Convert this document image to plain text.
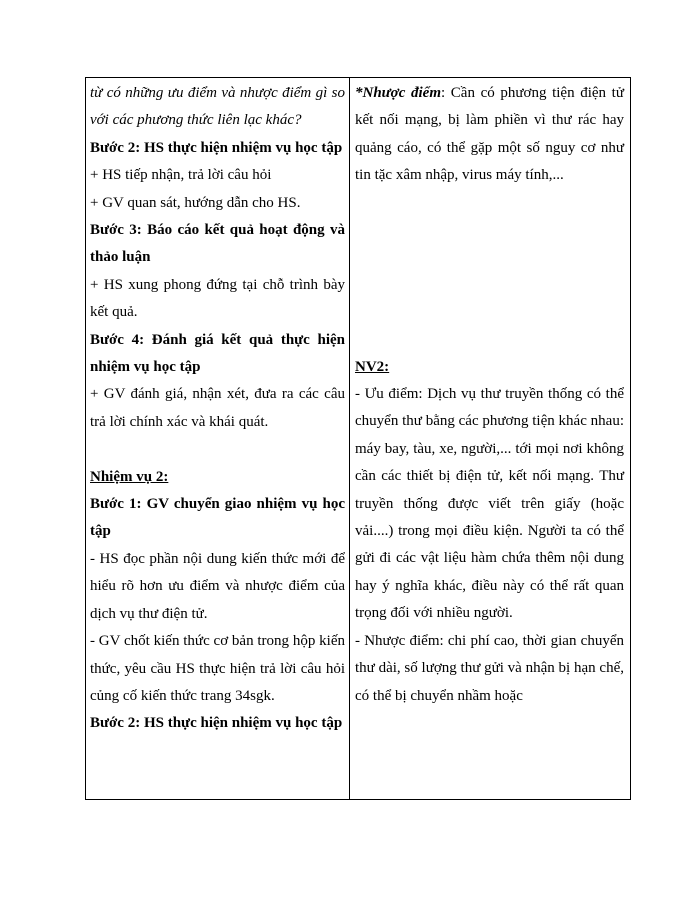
từ có những ưu điểm và nhược điểm gì so với các phương thức liên lạc khác?
Bước 2: HS thực hiện nhiệm vụ học tập
+ HS tiếp nhận, trả lời câu hỏi
+ GV quan sát, hướng dẫn cho HS.
Bước 3: Báo cáo kết quả hoạt động và thảo luận
+ HS xung phong đứng tại chỗ trình bày kết quả.
Bước 4: Đánh giá kết quả thực hiện nhiệm vụ học tập
+ GV đánh giá, nhận xét, đưa ra các câu trả lời chính xác và khái quát.
Nhiệm vụ 2:
Bước 1: GV chuyển giao nhiệm vụ học tập
- HS đọc phần nội dung kiến thức mới để hiểu rõ hơn ưu điểm và nhược điểm của dịch vụ thư điện tử.
- GV chốt kiến thức cơ bản trong hộp kiến thức, yêu cầu HS thực hiện trả lời câu hỏi củng cố kiến thức trang 34sgk.
Bước 2: HS thực hiện nhiệm vụ học tập
*Nhược điểm: Cần có phương tiện điện tử kết nối mạng, bị làm phiền vì thư rác hay quảng cáo, có thể gặp một số nguy cơ như tin tặc xâm nhập, virus máy tính,...
NV2:
- Ưu điểm: Dịch vụ thư truyền thống có thể chuyển thư bằng các phương tiện khác nhau: máy bay, tàu, xe, người,... tới mọi nơi không cần các thiết bị điện tử, kết nối mạng. Thư truyền thống được viết trên giấy (hoặc vải....) trong mọi điều kiện. Người ta có thể gửi đi các vật liệu hàm chứa thêm nội dung hay ý nghĩa khác, điều này có thể rất quan trọng đối với nhiều người.
- Nhược điểm: chi phí cao, thời gian chuyển thư dài, số lượng thư gửi và nhận bị hạn chế, có thể bị chuyển nhầm hoặc
